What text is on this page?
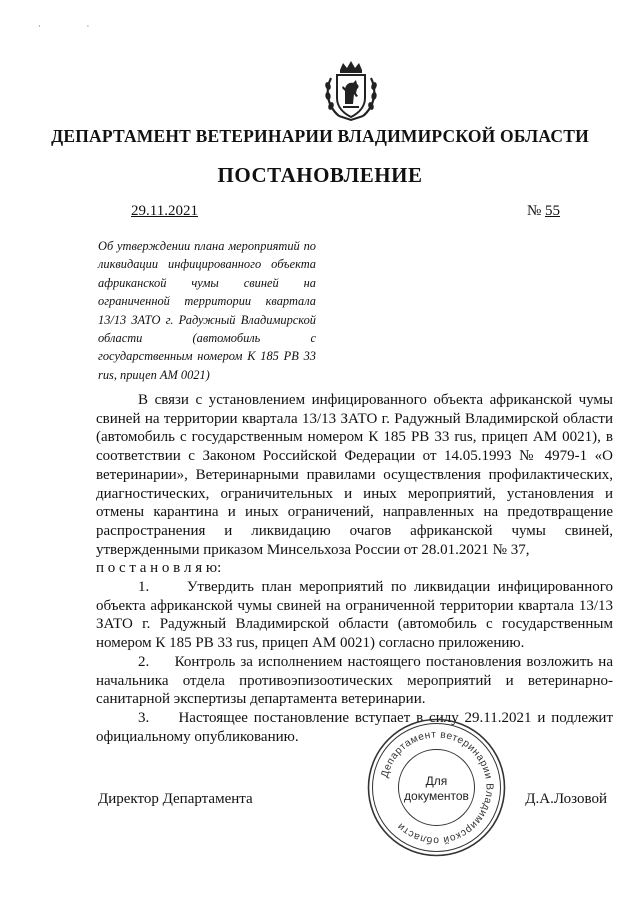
· ·
ДЕПАРТАМЕНТ ВЕТЕРИНАРИИ ВЛАДИМИРСКОЙ ОБЛАСТИ
ПОСТАНОВЛЕНИЕ
29.11.2021	№ 55
Об утверждении плана мероприятий по ликвидации инфицированного объекта африканской чумы свиней на ограниченной территории квартала 13/13 ЗАТО г. Радужный Владимирской области (автомобиль с государственным номером К 185 РВ 33 rus, прицеп АМ 0021)

В связи с установлением инфицированного объекта африканской чумы свиней на территории квартала 13/13 ЗАТО г. Радужный Владимирской области (автомобиль с государственным номером К 185 РВ 33 rus, прицеп АМ 0021), в соответствии с Законом Российской Федерации от 14.05.1993 № 4979-1 «О ветеринарии», Ветеринарными правилами осуществления профилактических, диагностических, ограничительных и иных мероприятий, установления и отмены карантина и иных ограничений, направленных на предотвращение распространения и ликвидацию очагов африканской чумы свиней, утвержденными приказом Минсельхоза России от 28.01.2021 № 37,

п о с т а н о в л я ю:

1.	Утвердить план мероприятий по ликвидации инфицированного объекта африканской чумы свиней на ограниченной территории квартала 13/13 ЗАТО г. Радужный Владимирской области (автомобиль с государственным номером К 185 РВ 33 rus, прицеп АМ 0021) согласно приложению.

2. Контроль за исполнением настоящего постановления возложить на начальника отдела противоэпизоотических мероприятий и ветеринарно-санитарной экспертизы департамента ветеринарии.

3. Настоящее постановление вступает в силу 29.11.2021 и подлежит официальному опубликованию.

Директор Департамента	Д.А.Лозовой
Департамент ветеринарии Владимирской области
Для
документов
